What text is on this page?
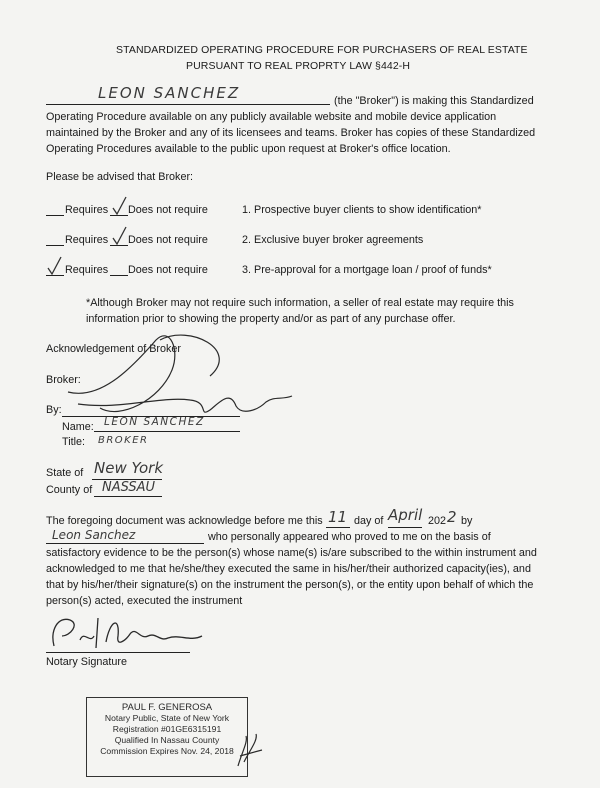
STANDARDIZED OPERATING PROCEDURE FOR PURCHASERS OF REAL ESTATE
PURSUANT TO REAL PROPRTY LAW §442-H
LEON SANCHEZ	(the "Broker") is making this Standardized
Operating Procedure available on any publicly available website and mobile device application
maintained by the Broker and any of its licensees and teams. Broker has copies of these Standardized
Operating Procedures available to the public upon request at Broker's office location.
Please be advised that Broker:
Requires Does not require	1. Prospective buyer clients to show identification*
Requires Does not require	2. Exclusive buyer broker agreements
Requires Does not require	3. Pre-approval for a mortgage loan / proof of funds*
*Although Broker may not require such information, a seller of real estate may require this
information prior to showing the property and/or as part of any purchase offer.
Acknowledgement of Broker
Broker:
By:
Name: LEON SANCHEZ
Title: BROKER
State of New York
County of NASSAU
The foregoing document was acknowledge before me this 11 day of April 202 2 by
Leon Sanchez	who personally appeared who proved to me on the basis of
satisfactory evidence to be the person(s) whose name(s) is/are subscribed to the within instrument and
acknowledged to me that he/she/they executed the same in his/her/their authorized capacity(ies), and
that by his/her/their signature(s) on the instrument the person(s), or the entity upon behalf of which the
person(s) acted, executed the instrument
Notary Signature
PAUL F. GENEROSA
Notary Public, State of New York
Registration #01GE6315191
Qualified In Nassau County
Commission Expires Nov. 24, 2018
